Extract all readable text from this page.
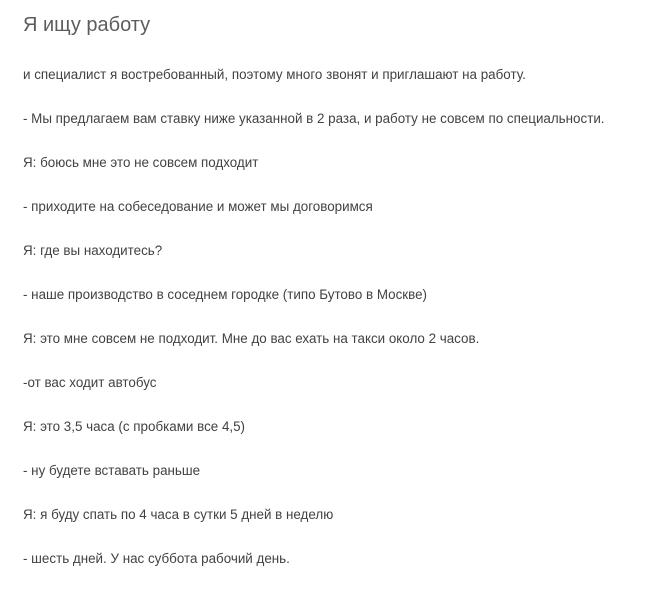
Я ищу работу
и специалист я востребованный, поэтому много звонят и приглашают на работу.
- Мы предлагаем вам ставку ниже указанной в 2 раза, и работу не совсем по специальности.
Я: боюсь мне это не совсем подходит
- приходите на собеседование и может мы договоримся
Я: где вы находитесь?
- наше производство в соседнем городке (типо Бутово в Москве)
Я: это мне совсем не подходит. Мне до вас ехать на такси около 2 часов.
-от вас ходит автобус
Я: это 3,5 часа (с пробками все 4,5)
- ну будете вставать раньше
Я: я буду спать по 4 часа в сутки 5 дней в неделю
- шесть дней. У нас суббота рабочий день.
